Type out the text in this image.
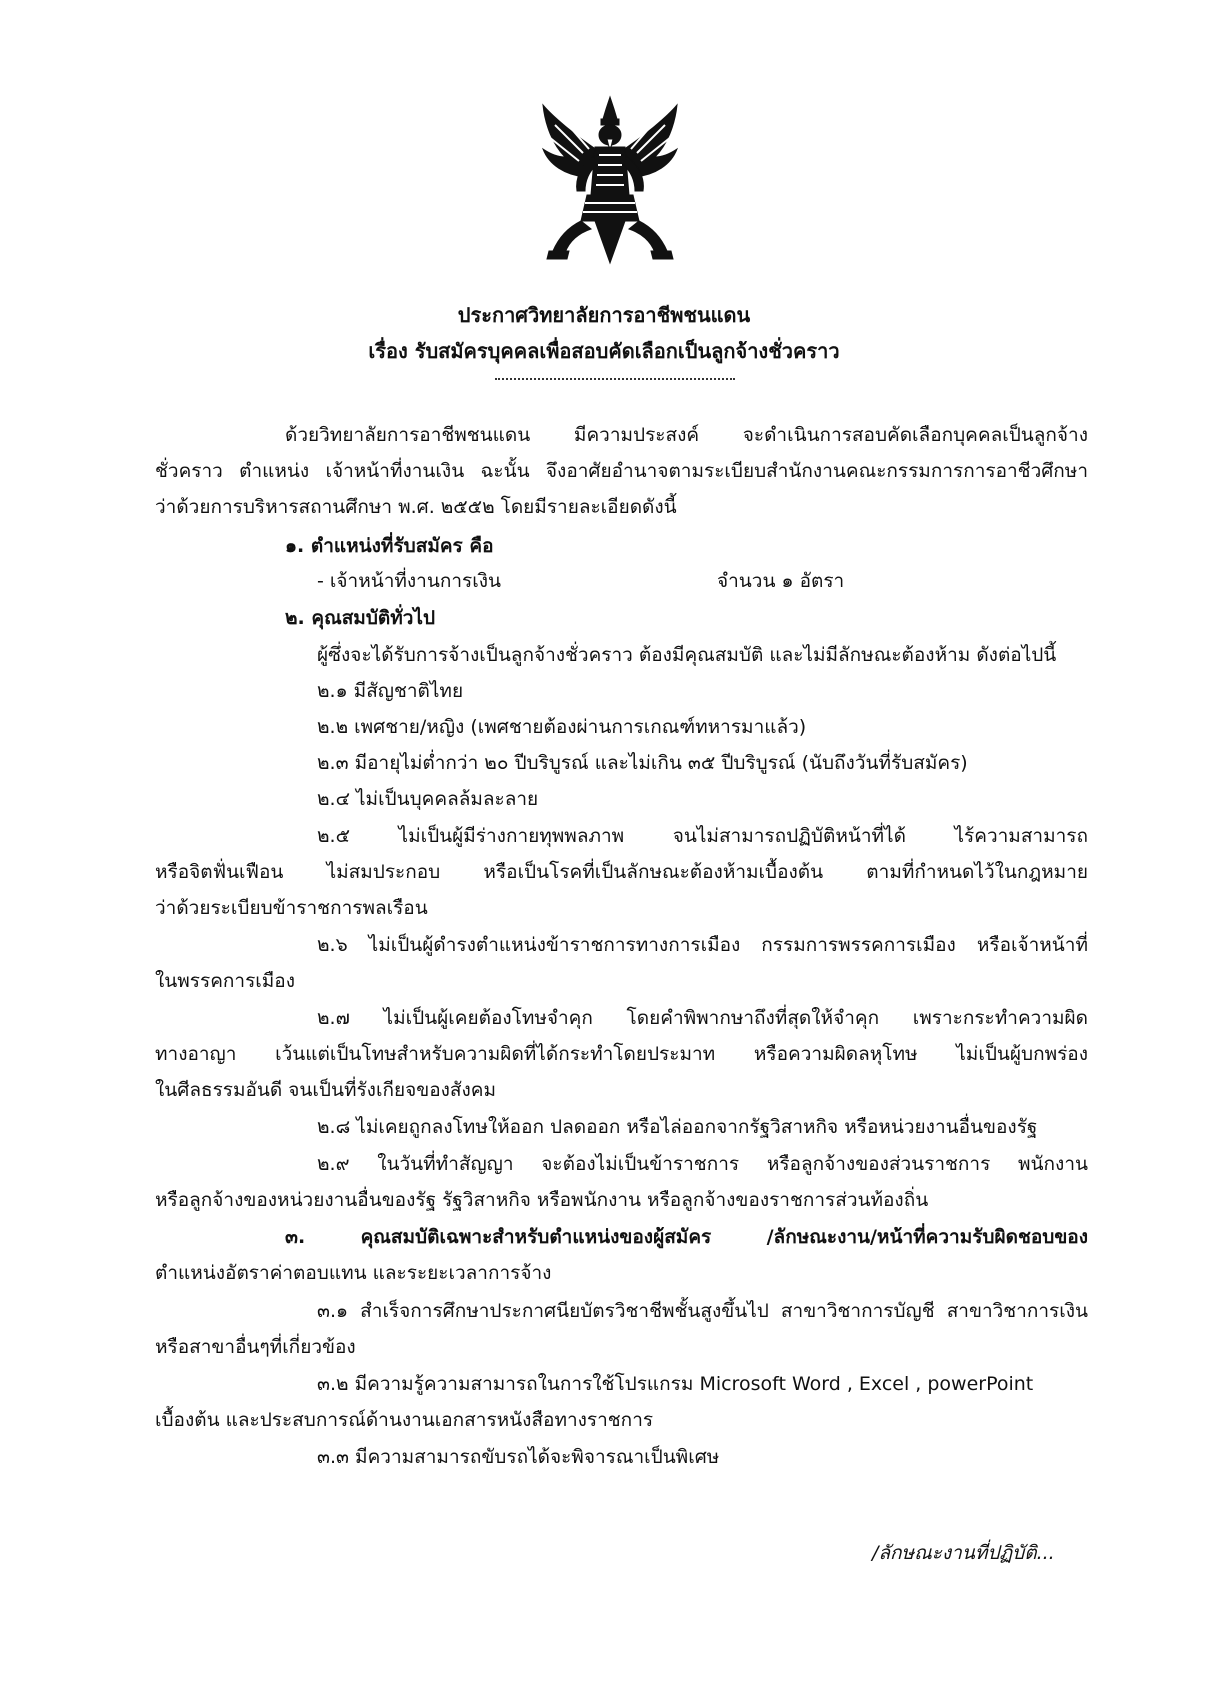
ประกาศวิทยาลัยการอาชีพชนแดน
เรื่อง รับสมัครบุคคลเพื่อสอบคัดเลือกเป็นลูกจ้างชั่วคราว
ด้วยวิทยาลัยการอาชีพชนแดน มีความประสงค์ จะดำเนินการสอบคัดเลือกบุคคลเป็นลูกจ้าง
ชั่วคราว ตำแหน่ง เจ้าหน้าที่งานเงิน ฉะนั้น จึงอาศัยอำนาจตามระเบียบสำนักงานคณะกรรมการการอาชีวศึกษา
ว่าด้วยการบริหารสถานศึกษา พ.ศ. ๒๕๕๒ โดยมีรายละเอียดดังนี้
๑. ตำแหน่งที่รับสมัคร คือ
- เจ้าหน้าที่งานการเงิน	จำนวน ๑ อัตรา
๒. คุณสมบัติทั่วไป
ผู้ซึ่งจะได้รับการจ้างเป็นลูกจ้างชั่วคราว ต้องมีคุณสมบัติ และไม่มีลักษณะต้องห้าม ดังต่อไปนี้
๒.๑ มีสัญชาติไทย
๒.๒ เพศชาย/หญิง (เพศชายต้องผ่านการเกณฑ์ทหารมาแล้ว)
๒.๓ มีอายุไม่ต่ำกว่า ๒๐ ปีบริบูรณ์ และไม่เกิน ๓๕ ปีบริบูรณ์ (นับถึงวันที่รับสมัคร)
๒.๔ ไม่เป็นบุคคลล้มละลาย
๒.๕ ไม่เป็นผู้มีร่างกายทุพพลภาพ จนไม่สามารถปฏิบัติหน้าที่ได้ ไร้ความสามารถ
หรือจิตฟั่นเฟือน ไม่สมประกอบ หรือเป็นโรคที่เป็นลักษณะต้องห้ามเบื้องต้น ตามที่กำหนดไว้ในกฎหมาย
ว่าด้วยระเบียบข้าราชการพลเรือน
๒.๖ ไม่เป็นผู้ดำรงตำแหน่งข้าราชการทางการเมือง กรรมการพรรคการเมือง หรือเจ้าหน้าที่
ในพรรคการเมือง
๒.๗ ไม่เป็นผู้เคยต้องโทษจำคุก โดยคำพิพากษาถึงที่สุดให้จำคุก เพราะกระทำความผิด
ทางอาญา เว้นแต่เป็นโทษสำหรับความผิดที่ได้กระทำโดยประมาท หรือความผิดลหุโทษ ไม่เป็นผู้บกพร่อง
ในศีลธรรมอันดี จนเป็นที่รังเกียจของสังคม
๒.๘ ไม่เคยถูกลงโทษให้ออก ปลดออก หรือไล่ออกจากรัฐวิสาหกิจ หรือหน่วยงานอื่นของรัฐ
๒.๙ ในวันที่ทำสัญญา จะต้องไม่เป็นข้าราชการ หรือลูกจ้างของส่วนราชการ พนักงาน
หรือลูกจ้างของหน่วยงานอื่นของรัฐ รัฐวิสาหกิจ หรือพนักงาน หรือลูกจ้างของราชการส่วนท้องถิ่น
๓. คุณสมบัติเฉพาะสำหรับตำแหน่งของผู้สมัคร /ลักษณะงาน/หน้าที่ความรับผิดชอบของ
ตำแหน่งอัตราค่าตอบแทน และระยะเวลาการจ้าง
๓.๑ สำเร็จการศึกษาประกาศนียบัตรวิชาชีพชั้นสูงขึ้นไป สาขาวิชาการบัญชี สาขาวิชาการเงิน
หรือสาขาอื่นๆที่เกี่ยวข้อง
๓.๒ มีความรู้ความสามารถในการใช้โปรแกรม Microsoft Word , Excel , powerPoint
เบื้องต้น และประสบการณ์ด้านงานเอกสารหนังสือทางราชการ
๓.๓ มีความสามารถขับรถได้จะพิจารณาเป็นพิเศษ
/ลักษณะงานที่ปฏิบัติ...
